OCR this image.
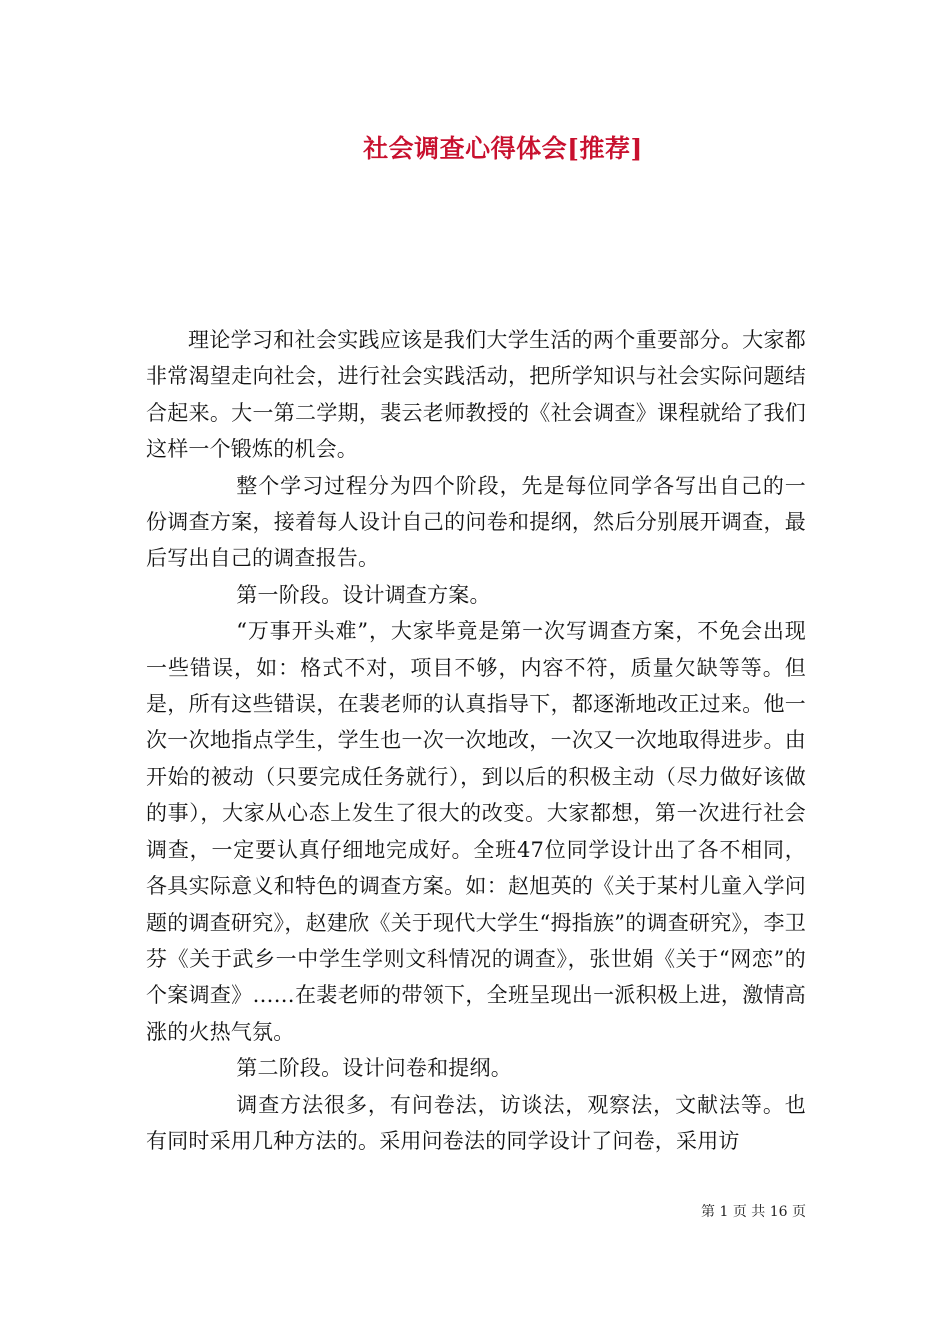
社会调查心得体会[推荐]

理论学习和社会实践应该是我们大学生活的两个重要部分。大家都非常渴望走向社会，进行社会实践活动，把所学知识与社会实际问题结合起来。大一第二学期，裴云老师教授的《社会调查》课程就给了我们这样一个锻炼的机会。

整个学习过程分为四个阶段，先是每位同学各写出自己的一份调查方案，接着每人设计自己的问卷和提纲，然后分别展开调查，最后写出自己的调查报告。

第一阶段。设计调查方案。

“万事开头难”，大家毕竟是第一次写调查方案，不免会出现一些错误，如：格式不对，项目不够，内容不符，质量欠缺等等。但是，所有这些错误，在裴老师的认真指导下，都逐渐地改正过来。他一次一次地指点学生，学生也一次一次地改，一次又一次地取得进步。由开始的被动（只要完成任务就行），到以后的积极主动（尽力做好该做的事），大家从心态上发生了很大的改变。大家都想，第一次进行社会调查，一定要认真仔细地完成好。全班47位同学设计出了各不相同，各具实际意义和特色的调查方案。如：赵旭英的《关于某村儿童入学问题的调查研究》，赵建欣《关于现代大学生“拇指族”的调查研究》，李卫芬《关于武乡一中学生学则文科情况的调查》，张世娟《关于“网恋”的个案调查》……在裴老师的带领下，全班呈现出一派积极上进，激情高涨的火热气氛。

第二阶段。设计问卷和提纲。

调查方法很多，有问卷法，访谈法，观察法，文献法等。也有同时采用几种方法的。采用问卷法的同学设计了问卷，采用访

第 1 页 共 16 页
